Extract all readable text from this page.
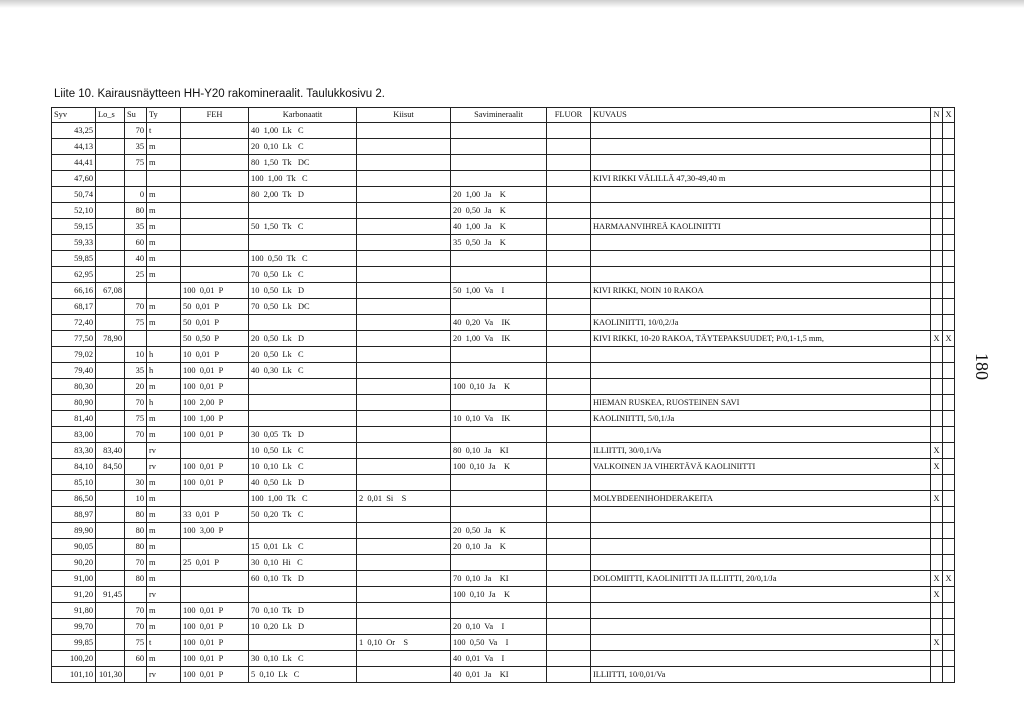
Liite 10. Kairausnäytteen HH-Y20 rakomineraalit. Taulukkosivu 2.
180
Syv	Lo_s	Su	Ty	FEH	Karbonaatit	Kiisut	Savimineraalit	FLUOR	KUVAUS	N	X
43,25		70	t		40  1,00  Lk   C						
44,13		35	m		20  0,10  Lk   C						
44,41		75	m		80  1,50  Tk   DC						
47,60					100  1,00  Tk   C				KIVI RIKKI VÄLILLÄ 47,30-49,40 m		
50,74		0	m		80  2,00  Tk   D		20  1,00  Ja    K				
52,10		80	m				20  0,50  Ja    K				
59,15		35	m		50  1,50  Tk   C		40  1,00  Ja    K		HARMAANVIHREÄ KAOLINIITTI		
59,33		60	m				35  0,50  Ja    K				
59,85		40	m		100  0,50  Tk   C						
62,95		25	m		70  0,50  Lk   C						
66,16	67,08			100  0,01  P	10  0,50  Lk   D		50  1,00  Va    I		KIVI RIKKI, NOIN 10 RAKOA		
68,17		70	m	50  0,01  P	70  0,50  Lk   DC						
72,40		75	m	50  0,01  P			40  0,20  Va    IK		KAOLINIITTI, 10/0,2/Ja		
77,50	78,90			50  0,50  P	20  0,50  Lk   D		20  1,00  Va    IK		KIVI RIKKI, 10-20 RAKOA, TÄYTEPAKSUUDET; P/0,1-1,5 mm,	X	X
79,02		10	h	10  0,01  P	20  0,50  Lk   C						
79,40		35	h	100  0,01  P	40  0,30  Lk   C						
80,30		20	m	100  0,01  P			100  0,10  Ja    K				
80,90		70	h	100  2,00  P					HIEMAN RUSKEA, RUOSTEINEN SAVI		
81,40		75	m	100  1,00  P			10  0,10  Va    IK		KAOLINIITTI, 5/0,1/Ja		
83,00		70	m	100  0,01  P	30  0,05  Tk   D						
83,30	83,40		rv		10  0,50  Lk   C		80  0,10  Ja    KI		ILLIITTI, 30/0,1/Va	X	
84,10	84,50		rv	100  0,01  P	10  0,10  Lk   C		100  0,10  Ja    K		VALKOINEN JA VIHERTÄVÄ KAOLINIITTI	X	
85,10		30	m	100  0,01  P	40  0,50  Lk   D						
86,50		10	m		100  1,00  Tk   C	2  0,01  Si    S			MOLYBDEENIHOHDERAKEITA	X	
88,97		80	m	33  0,01  P	50  0,20  Tk   C						
89,90		80	m	100  3,00  P			20  0,50  Ja    K				
90,05		80	m		15  0,01  Lk   C		20  0,10  Ja    K				
90,20		70	m	25  0,01  P	30  0,10  Hi   C						
91,00		80	m		60  0,10  Tk   D		70  0,10  Ja    KI		DOLOMIITTI, KAOLINIITTI JA ILLIITTI, 20/0,1/Ja	X	X
91,20	91,45		rv				100  0,10  Ja    K			X	
91,80		70	m	100  0,01  P	70  0,10  Tk   D						
99,70		70	m	100  0,01  P	10  0,20  Lk   D		20  0,10  Va    I				
99,85		75	t	100  0,01  P		1  0,10  Or    S	100  0,50  Va    I			X	
100,20		60	m	100  0,01  P	30  0,10  Lk   C		40  0,01  Va    I				
101,10	101,30		rv	100  0,01  P	5  0,10  Lk   C		40  0,01  Ja    KI		ILLIITTI, 10/0,01/Va		
